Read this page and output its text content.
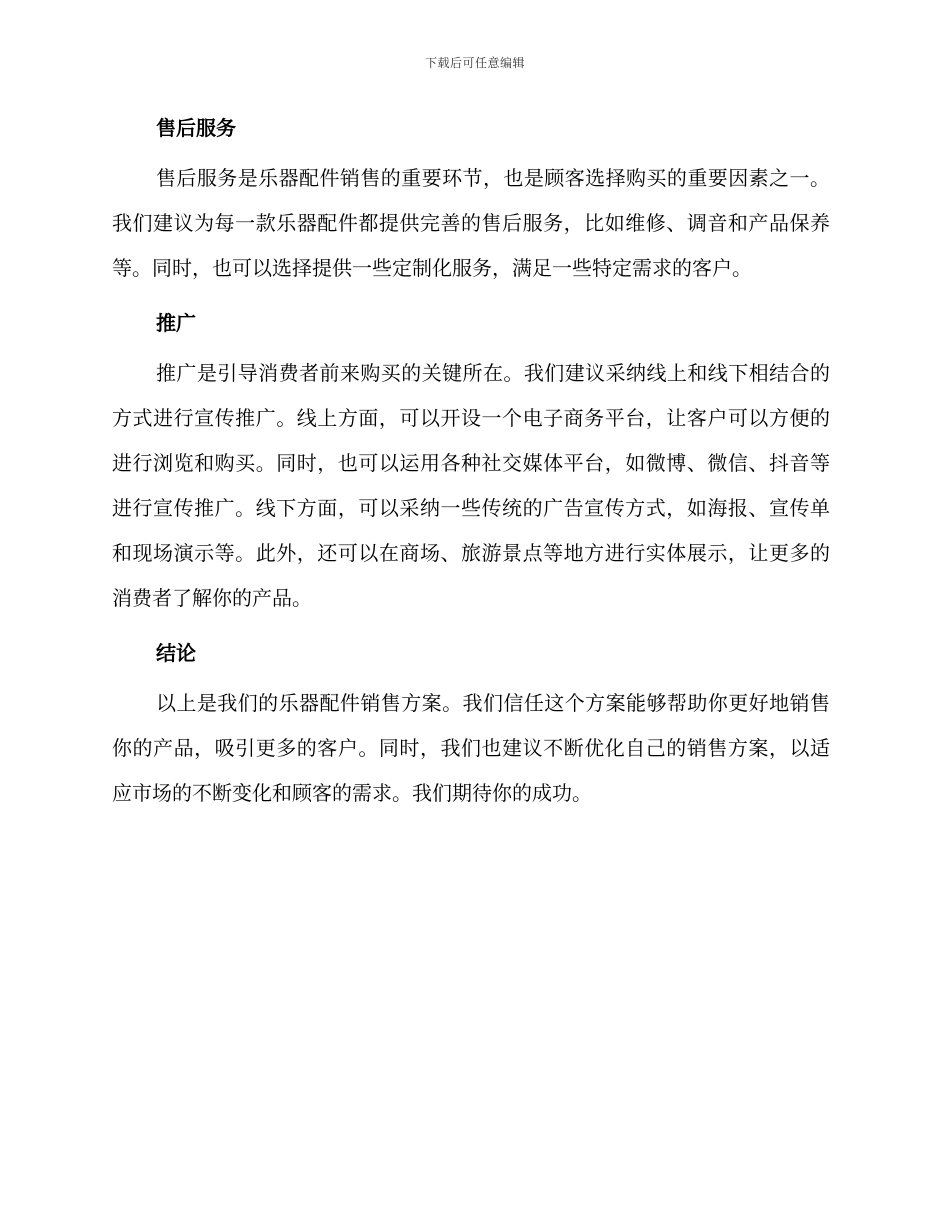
下载后可任意编辑
售后服务

售后服务是乐器配件销售的重要环节，也是顾客选择购买的重要因素之一。我们建议为每一款乐器配件都提供完善的售后服务，比如维修、调音和产品保养等。同时，也可以选择提供一些定制化服务，满足一些特定需求的客户。

推广

推广是引导消费者前来购买的关键所在。我们建议采纳线上和线下相结合的方式进行宣传推广。线上方面，可以开设一个电子商务平台，让客户可以方便的进行浏览和购买。同时，也可以运用各种社交媒体平台，如微博、微信、抖音等进行宣传推广。线下方面，可以采纳一些传统的广告宣传方式，如海报、宣传单和现场演示等。此外，还可以在商场、旅游景点等地方进行实体展示，让更多的消费者了解你的产品。

结论

以上是我们的乐器配件销售方案。我们信任这个方案能够帮助你更好地销售你的产品，吸引更多的客户。同时，我们也建议不断优化自己的销售方案，以适应市场的不断变化和顾客的需求。我们期待你的成功。
